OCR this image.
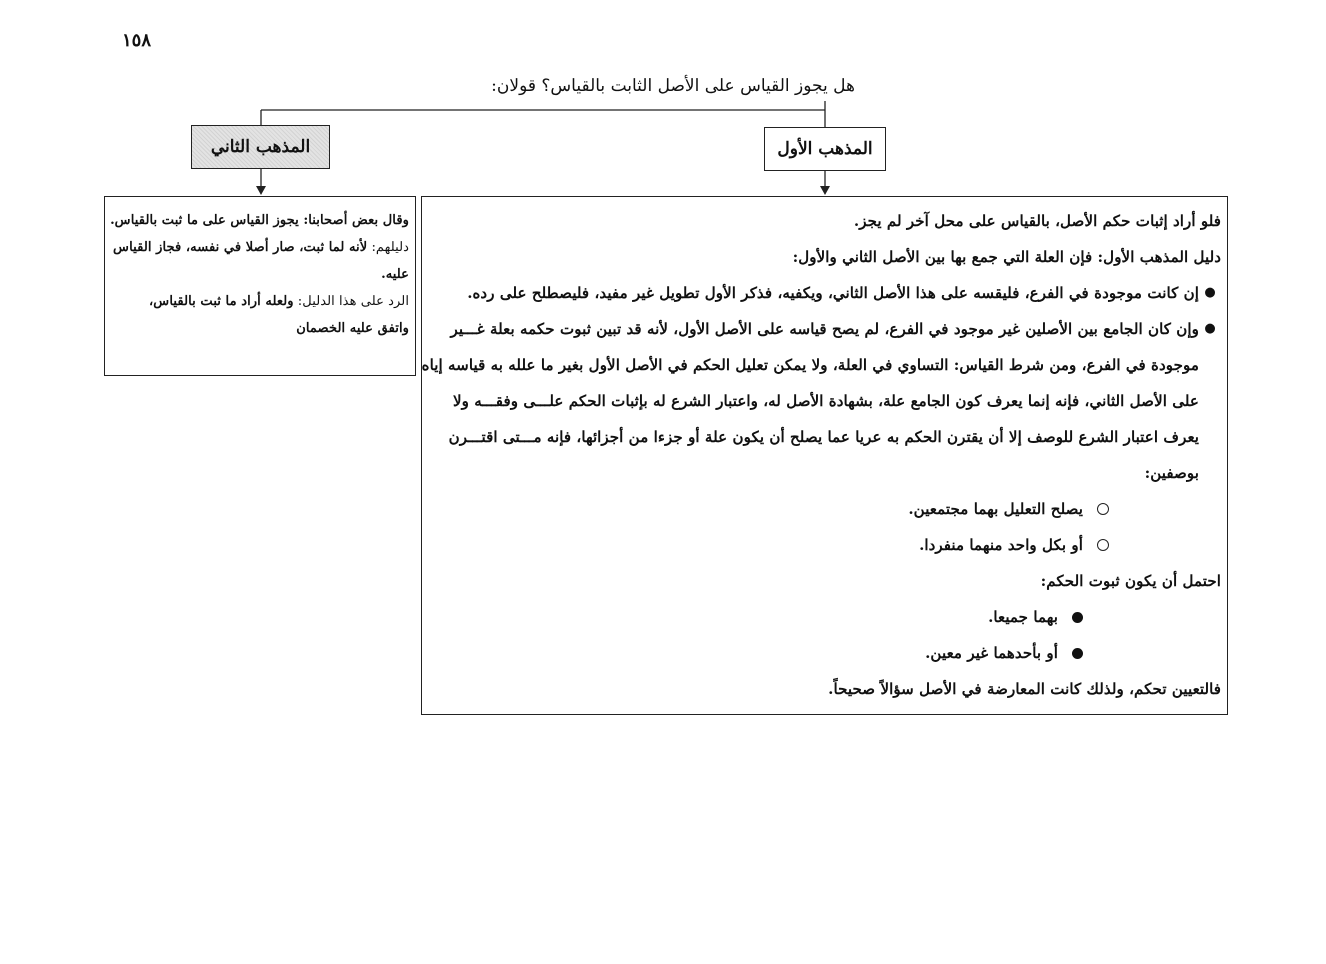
١٥٨
هل يجوز القياس على الأصل الثابت بالقياس؟ قولان:
المذهب الأول
المذهب الثاني
وقال بعض أصحابنا: يجوز القياس على ما ثبت بالقياس.
دليلهم: لأنه لما ثبت، صار أصلا في نفسه، فجاز القياس
عليه.
الرد على هذا الدليل: ولعله أراد ما ثبت بالقياس،
واتفق عليه الخصمان
فلو أراد إثبات حكم الأصل، بالقياس على محل آخر لم يجز.
دليل المذهب الأول: فإن العلة التي جمع بها بين الأصل الثاني والأول:
●
إن كانت موجودة في الفرع، فليقسه على هذا الأصل الثاني، ويكفيه، فذكر الأول تطويل غير مفيد، فليصطلح على رده.
●
وإن كان الجامع بين الأصلين غير موجود في الفرع، لم يصح قياسه على الأصل الأول، لأنه قد تبين ثبوت حكمه بعلة غـــير
موجودة في الفرع، ومن شرط القياس: التساوي في العلة، ولا يمكن تعليل الحكم في الأصل الأول بغير ما علله به قياسه إياه
على الأصل الثاني، فإنه إنما يعرف كون الجامع علة، بشهادة الأصل له، واعتبار الشرع له بإثبات الحكم علـــى وفقـــه ولا
يعرف اعتبار الشرع للوصف إلا أن يقترن الحكم به عريا عما يصلح أن يكون علة أو جزءا من أجزائها، فإنه مـــتى اقتـــرن
بوصفين:
يصلح التعليل بهما مجتمعين.
أو بكل واحد منهما منفردا.
احتمل أن يكون ثبوت الحكم:
بهما جميعا.
أو بأحدهما غير معين.
فالتعيين تحكم، ولذلك كانت المعارضة في الأصل سؤالاً صحيحاً.
